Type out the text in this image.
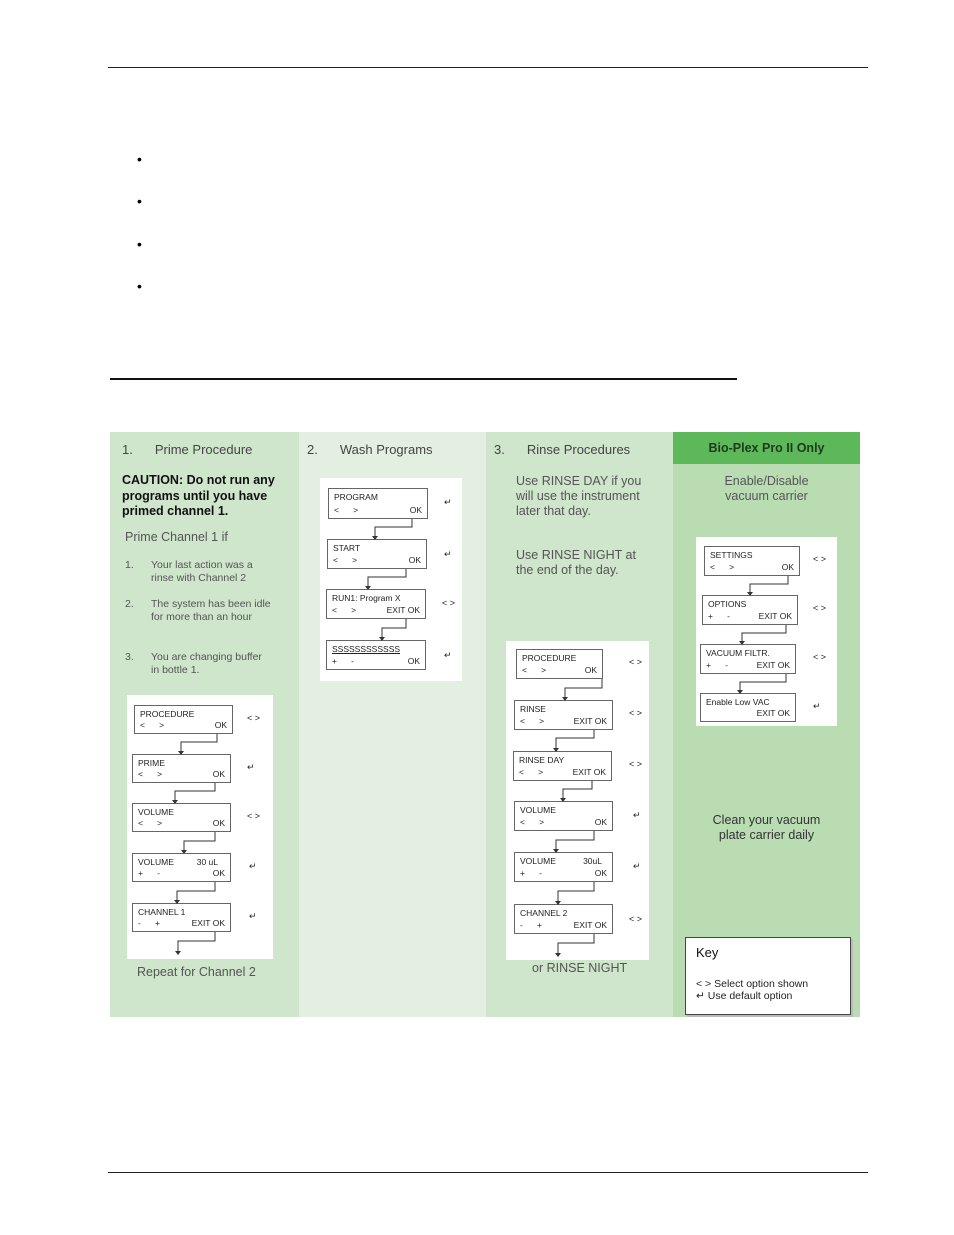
•
•
•
•
1. Prime Procedure
CAUTION: Do not run any programs until you have primed channel 1.
Prime Channel 1 if
1. Your last action was a rinse with Channel 2
2. The system has been idle for more than an hour
3. You are changing buffer in bottle 1.
PROCEDURE
<      >	OK
< >
PRIME
<      >	OK
↵
VOLUME
<      >	OK
< >
VOLUME	30 uL
+      -	OK
↵
CHANNEL 1
-      +	EXIT OK
↵
Repeat for Channel 2
2. Wash Programs
PROGRAM
<      >	OK
↵
START
<      >	OK
↵
RUN1: Program X
<      >	EXIT OK
< >
SSSSSSSSSSSS
+      -	OK
↵
3. Rinse Procedures
Use RINSE DAY if you will use the instrument later that day.
Use RINSE NIGHT at the end of the day.
PROCEDURE
<      >	OK
< >
RINSE
<      >	EXIT OK
< >
RINSE DAY
<      >	EXIT OK
< >
VOLUME
<      >	OK
↵
VOLUME	30uL
+      -	OK
↵
CHANNEL 2
-      +	EXIT OK
< >
or RINSE NIGHT
Bio-Plex Pro II Only
Enable/Disable vacuum carrier
SETTINGS
<      >	OK
< >
OPTIONS
+      -	EXIT OK
< >
VACUUM FILTR.
+      -	EXIT OK
< >
Enable Low VAC
EXIT OK
↵
Clean your vacuum plate carrier daily
Key
< > Select option shown
↵ Use default option
